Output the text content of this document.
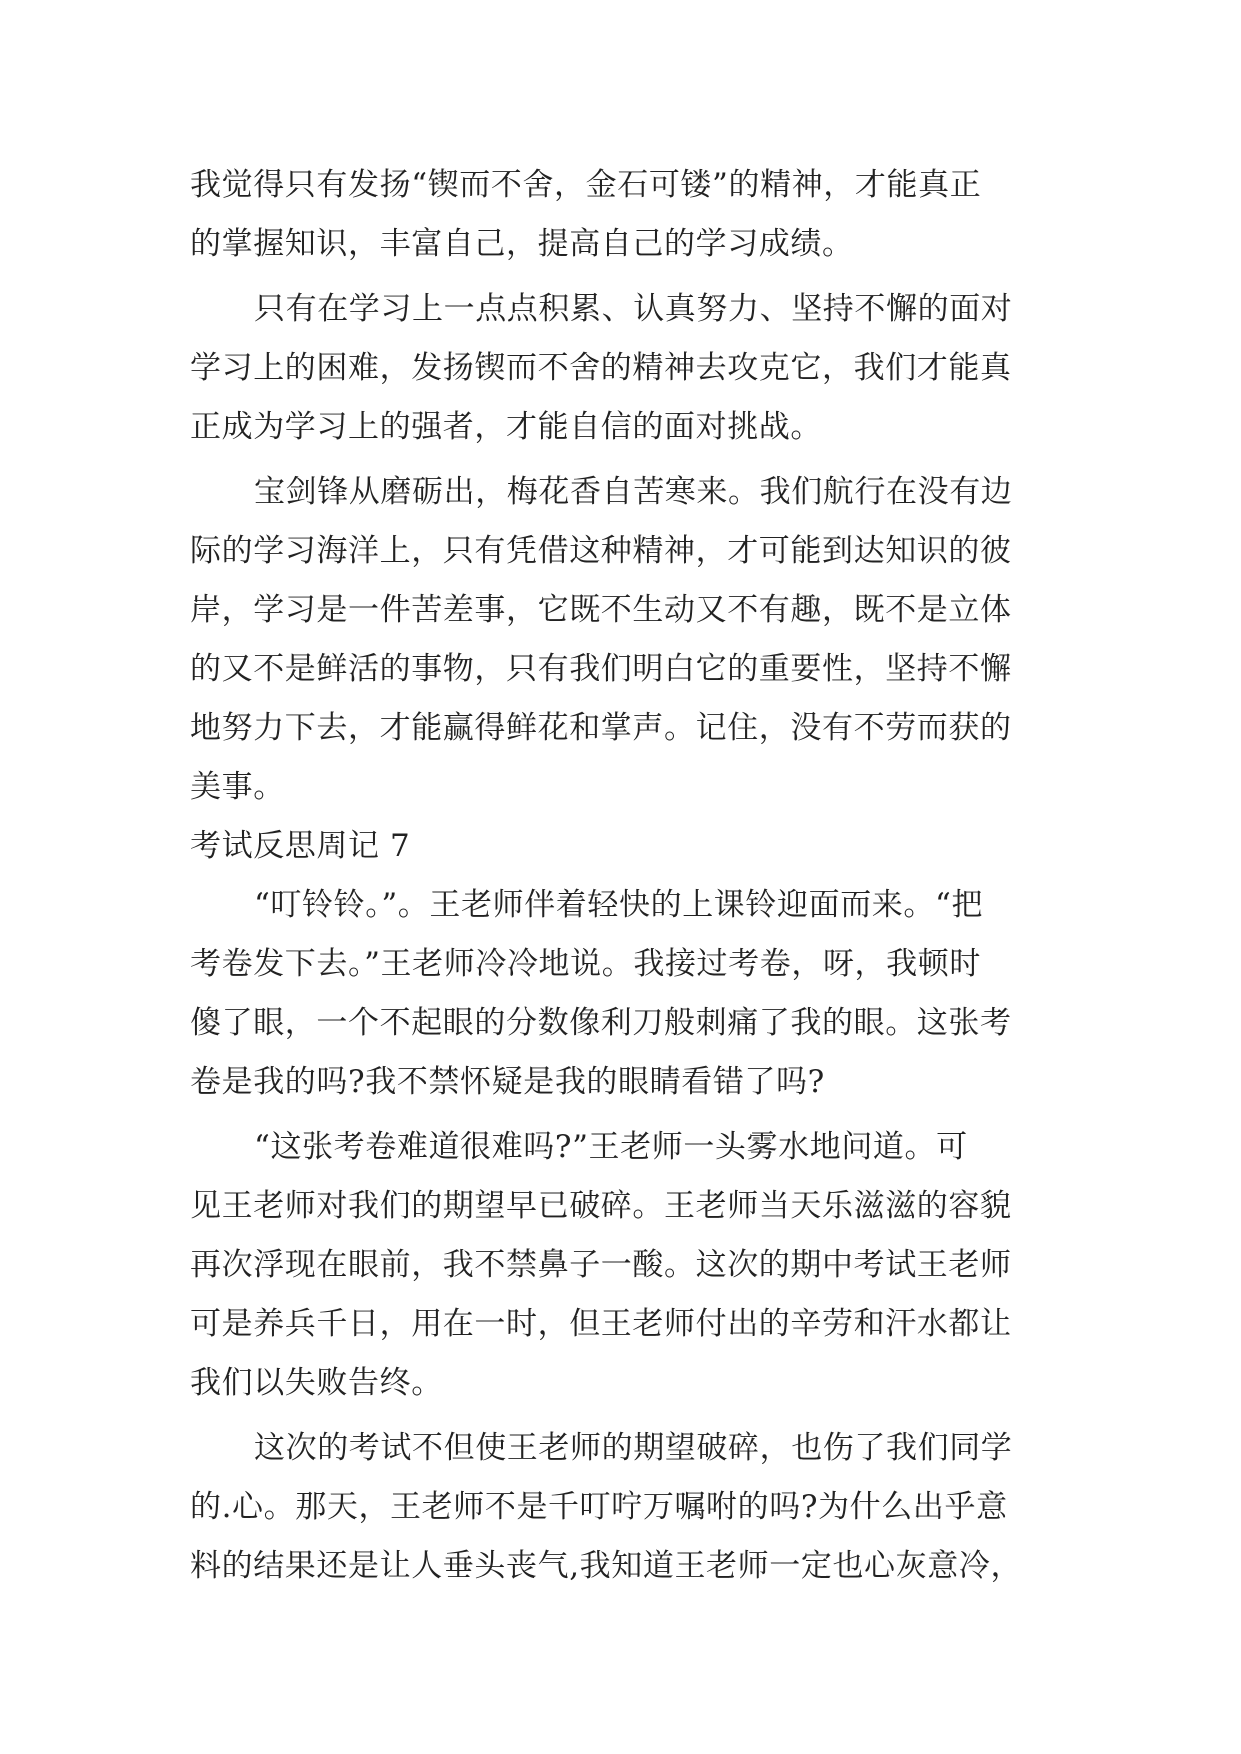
我觉得只有发扬“锲而不舍，金石可镂”的精神，才能真正
的掌握知识，丰富自己，提高自己的学习成绩。
只有在学习上一点点积累、认真努力、坚持不懈的面对
学习上的困难，发扬锲而不舍的精神去攻克它，我们才能真
正成为学习上的强者，才能自信的面对挑战。
宝剑锋从磨砺出，梅花香自苦寒来。我们航行在没有边
际的学习海洋上，只有凭借这种精神，才可能到达知识的彼
岸，学习是一件苦差事，它既不生动又不有趣，既不是立体
的又不是鲜活的事物，只有我们明白它的重要性，坚持不懈
地努力下去，才能赢得鲜花和掌声。记住，没有不劳而获的
美事。
考试反思周记 7
“叮铃铃。”。王老师伴着轻快的上课铃迎面而来。“把
考卷发下去。”王老师冷冷地说。我接过考卷，呀，我顿时
傻了眼，一个不起眼的分数像利刀般刺痛了我的眼。这张考
卷是我的吗?我不禁怀疑是我的眼睛看错了吗?
“这张考卷难道很难吗?”王老师一头雾水地问道。可
见王老师对我们的期望早已破碎。王老师当天乐滋滋的容貌
再次浮现在眼前，我不禁鼻子一酸。这次的期中考试王老师
可是养兵千日，用在一时，但王老师付出的辛劳和汗水都让
我们以失败告终。
这次的考试不但使王老师的期望破碎，也伤了我们同学
的.心。那天，王老师不是千叮咛万嘱咐的吗?为什么出乎意
料的结果还是让人垂头丧气,我知道王老师一定也心灰意冷，
